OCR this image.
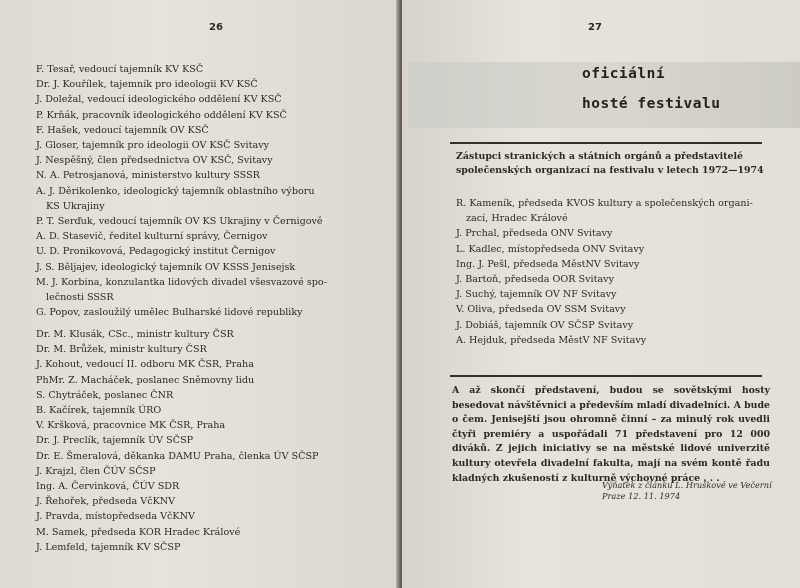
26
F. Tesař, vedoucí tajemník KV KSČ
Dr. J. Kouřílek, tajemník pro ideologii KV KSČ
J. Doležal, vedoucí ideologického oddělení KV KSČ
P. Krňák, pracovník ideologického oddělení KV KSČ
F. Hašek, vedoucí tajemník OV KSČ
J. Gloser, tajemník pro ideologii OV KSČ Svitavy
J. Nespěšný, člen předsednictva OV KSČ, Svitavy
N. A. Petrosjanová, ministerstvo kultury SSSR
A. J. Děrikolenko, ideologický tajemník oblastního výboru
KS Ukrajiny
P. T. Serďuk, vedoucí tajemník OV KS Ukrajiny v Černigově
A. D. Stasevič, ředitel kulturní správy, Černigov
U. D. Pronikovová, Pedagogický institut Černigov
J. S. Běljajev, ideologický tajemník OV KSSS Jenisejsk
M. J. Korbina, konzulantka lidových divadel všesvazové spo-
lečnosti SSSR
G. Popov, zasloužilý umělec Bulharské lidové republiky
Dr. M. Klusák, CSc., ministr kultury ČSR
Dr. M. Brůžek, ministr kultury ČSR
J. Kohout, vedoucí II. odboru MK ČSR, Praha
PhMr. Z. Macháček, poslanec Sněmovny lidu
S. Chytráček, poslanec ČNR
B. Kačírek, tajemník ÚRO
V. Kršková, pracovnice MK ČSR, Praha
Dr. J. Preclík, tajemník ÚV SČSP
Dr. E. Šmeralová, děkanka DAMU Praha, členka ÚV SČSP
J. Krajzl, člen ČÚV SČSP
Ing. A. Červinková, ČÚV SDR
J. Řehořek, předseda VčKNV
J. Pravda, místopředseda VčKNV
M. Samek, předseda KOR Hradec Králové
J. Lemfeld, tajemník KV SČSP
27
oficiální
hosté festivalu
Zástupci stranických a státních orgánů a představitelé společenských organizací na festivalu v letech 1972—1974
R. Kameník, předseda KVOS kultury a společenských organi-
zací, Hradec Králové
J. Prchal, předseda ONV Svitavy
L. Kadlec, místopředseda ONV Svitavy
Ing. J. Pešl, předseda MěstNV Svitavy
J. Bartoň, předseda OOR Svitavy
J. Suchý, tajemník OV NF Svitavy
V. Oliva, předseda OV SSM Svitavy
J. Dobiáš, tajemník OV SČSP Svitavy
A. Hejduk, předseda MěstV NF Svitavy
A až skončí představení, budou se sovětskými hosty besedovat návštěvníci a především mladí divadelníci. A bude o čem. Jenisejští jsou ohromně činní – za minulý rok uvedli čtyři premiéry a uspořádali 71 představení pro 12 000 diváků. Z jejich iniciativy se na městské lidové univerzitě kultury otevřela divadelní fakulta, mají na svém kontě řadu kladných zkušeností z kulturně výchovné práce . . .
Výňatek z článku L. Hruškové ve Večerní
Praze 12. 11. 1974
